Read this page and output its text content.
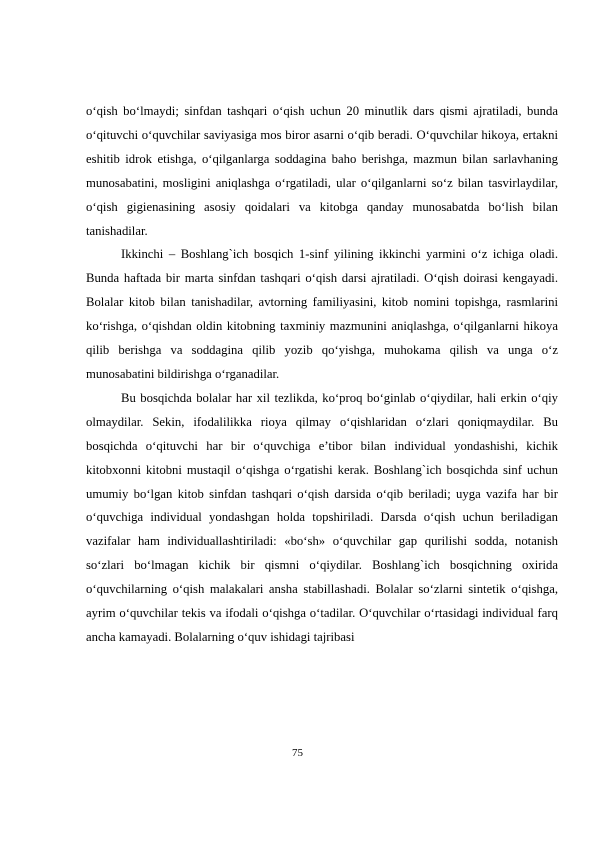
o‘qish bo‘lmaydi; sinfdan tashqari o‘qish uchun 20 minutlik dars qismi ajratiladi, bunda o‘qituvchi o‘quvchilar saviyasiga mos biror asarni o‘qib beradi. O‘quvchilar hikoya, ertakni eshitib idrok etishga, o‘qilganlarga soddagina baho berishga, mazmun bilan sarlavhaning munosabatini, mosligini aniqlashga o‘rgatiladi, ular o‘qilganlarni so‘z bilan tasvirlaydilar, o‘qish gigienasining asosiy qoidalari va kitobga qanday munosabatda bo‘lish bilan tanishadilar.

Ikkinchi – Boshlang`ich bosqich 1-sinf yilining ikkinchi yarmini o‘z ichiga oladi. Bunda haftada bir marta sinfdan tashqari o‘qish darsi ajratiladi. O‘qish doirasi kengayadi. Bolalar kitob bilan tanishadilar, avtorning familiyasini, kitob nomini topishga, rasmlarini ko‘rishga, o‘qishdan oldin kitobning taxminiy mazmunini aniqlashga, o‘qilganlarni hikoya qilib berishga va soddagina qilib yozib qo‘yishga, muhokama qilish va unga o‘z munosabatini bildirishga o‘rganadilar.

Bu bosqichda bolalar har xil tezlikda, ko‘proq bo‘ginlab o‘qiydilar, hali erkin o‘qiy olmaydilar. Sekin, ifodalilikka rioya qilmay o‘qishlaridan o‘zlari qoniqmaydilar. Bu bosqichda o‘qituvchi har bir o‘quvchiga e’tibor bilan individual yondashishi, kichik kitobxonni kitobni mustaqil o‘qishga o‘rgatishi kerak. Boshlang`ich bosqichda sinf uchun umumiy bo‘lgan kitob sinfdan tashqari o‘qish darsida o‘qib beriladi; uyga vazifa har bir o‘quvchiga individual yondashgan holda topshiriladi. Darsda o‘qish uchun beriladigan vazifalar ham individuallashtiriladi: «bo‘sh» o‘quvchilar gap qurilishi sodda, notanish so‘zlari bo‘lmagan kichik bir qismni o‘qiydilar. Boshlang`ich bosqichning oxirida o‘quvchilarning o‘qish malakalari ansha stabillashadi. Bolalar so‘zlarni sintetik o‘qishga, ayrim o‘quvchilar tekis va ifodali o‘qishga o‘tadilar. O‘quvchilar o‘rtasidagi individual farq ancha kamayadi. Bolalarning o‘quv ishidagi tajribasi

75
